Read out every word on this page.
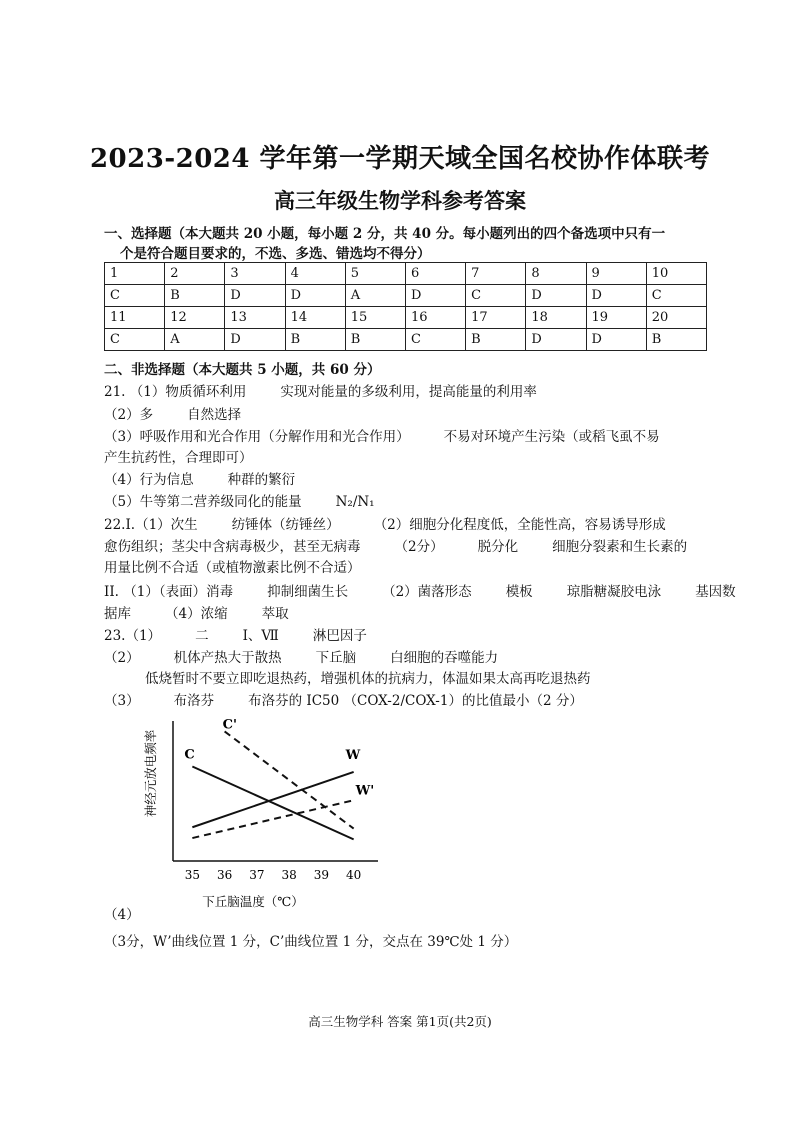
2023-2024 学年第一学期天域全国名校协作体联考
高三年级生物学科参考答案
一、选择题（本大题共 20 小题，每小题 2 分，共 40 分。每小题列出的四个备选项中只有一
个是符合题目要求的，不选、多选、错选均不得分）
1	2	3	4	5	6	7	8	9	10
C	B	D	D	A	D	C	D	D	C
11	12	13	14	15	16	17	18	19	20
C	A	D	B	B	C	B	D	D	B
二、非选择题（本大题共 5 小题，共 60 分）
21. （1）物质循环利用	实现对能量的多级利用，提高能量的利用率
（2）多	自然选择
（3）呼吸作用和光合作用（分解作用和光合作用）	不易对环境产生污染（或稻飞虱不易
产生抗药性，合理即可）
（4）行为信息	种群的繁衍
（5）牛等第二营养级同化的能量	N₂/N₁
22.Ⅰ.（1）次生	纺锤体（纺锤丝）	（2）细胞分化程度低，全能性高，容易诱导形成
愈伤组织；茎尖中含病毒极少，甚至无病毒	（2分）	脱分化	细胞分裂素和生长素的
用量比例不合适（或植物激素比例不合适）
II. （1）（表面）消毒	抑制细菌生长	（2）菌落形态	模板	琼脂糖凝胶电泳	基因数
据库	（4）浓缩	萃取
23.（1）	二	Ⅰ、Ⅶ	淋巴因子
（2）	机体产热大于散热	下丘脑	白细胞的吞噬能力
低烧暂时不要立即吃退热药，增强机体的抗病力，体温如果太高再吃退热药
（3）	布洛芬	布洛芬的 IC50 （COX-2/COX-1）的比值最小（2 分）
35 36 37 38 39 40
下丘脑温度（℃）
神经元放电频率 C	W
C'
W'
（4）
（3分，W’曲线位置 1 分，C’曲线位置 1 分，交点在 39℃处 1 分）
高三生物学科 答案 第1页(共2页)
